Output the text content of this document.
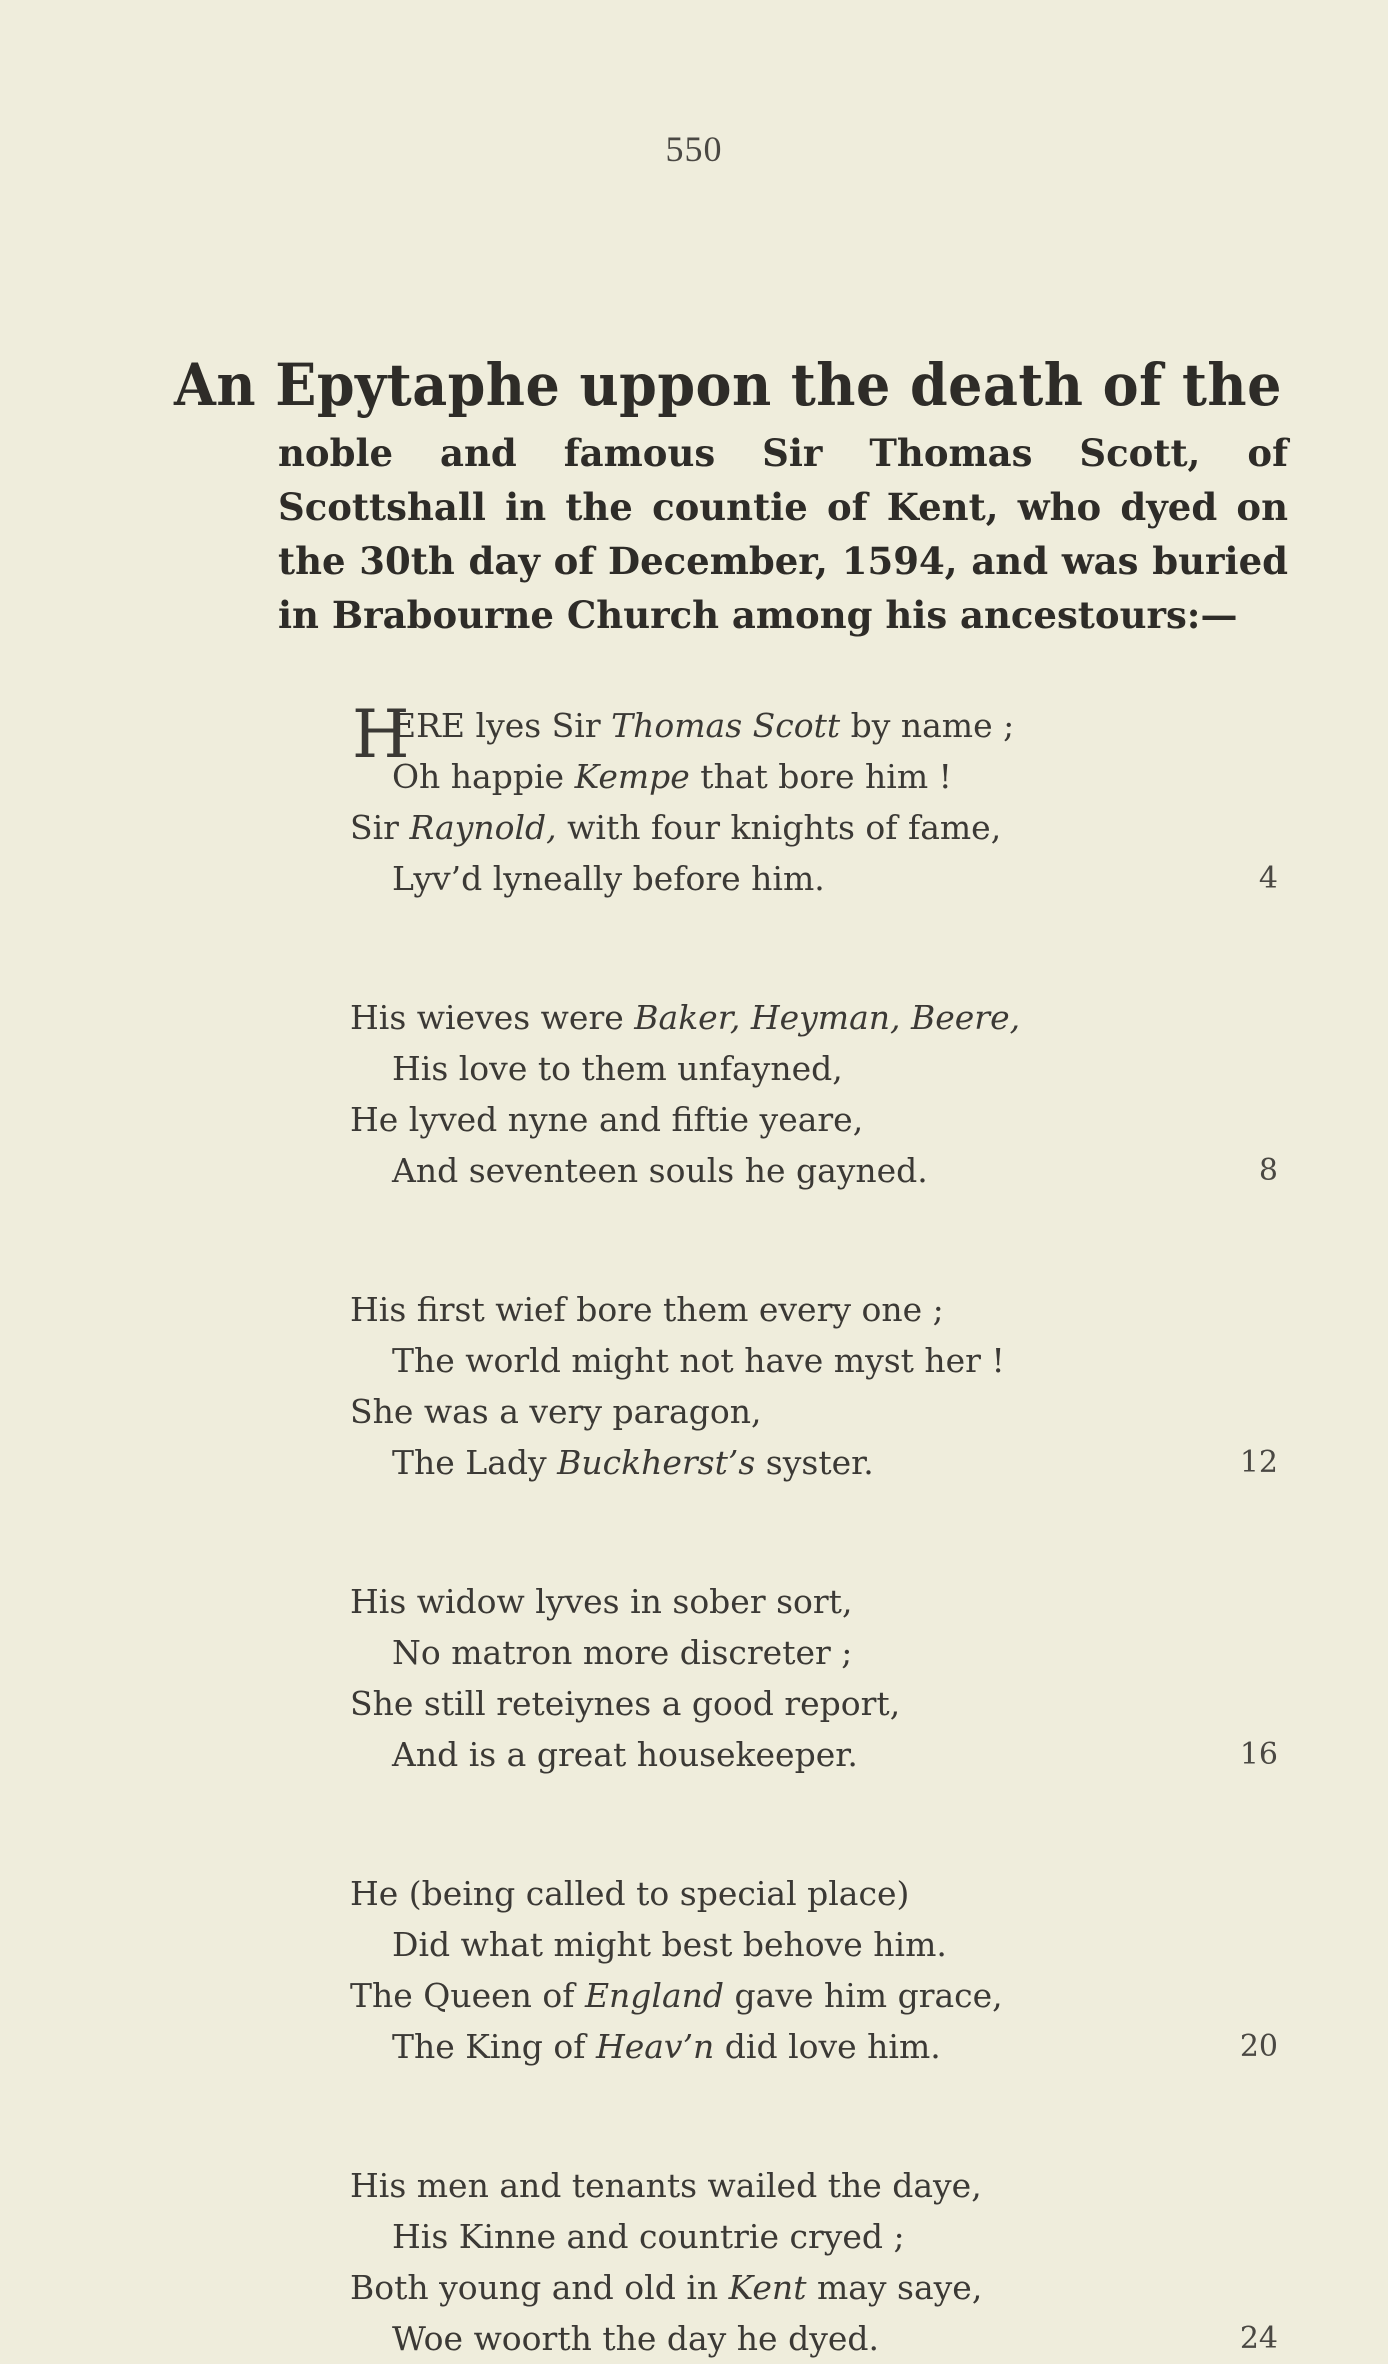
550
An Epytaphe uppon the death of the
noble and famous Sir Thomas Scott, of Scottshall in the countie of Kent, who dyed on the 30th day of December, 1594, and was buried in Brabourne Church among his ancestours:—
H
ERE lyes Sir Thomas Scott by name ;
Oh happie Kempe that bore him !
Sir Raynold, with four knights of fame,
Lyv’d lyneally before him.	4
His wieves were Baker, Heyman, Beere,
His love to them unfayned,
He lyved nyne and fiftie yeare,
And seventeen souls he gayned.	8
His first wief bore them every one ;
The world might not have myst her !
She was a very paragon,
The Lady Buckherst’s syster.	12
His widow lyves in sober sort,
No matron more discreter ;
She still reteiynes a good report,
And is a great housekeeper.	16
He (being called to special place)
Did what might best behove him.
The Queen of England gave him grace,
The King of Heav’n did love him.	20
His men and tenants wailed the daye,
His Kinne and countrie cryed ;
Both young and old in Kent may saye,
Woe woorth the day he dyed.	24
